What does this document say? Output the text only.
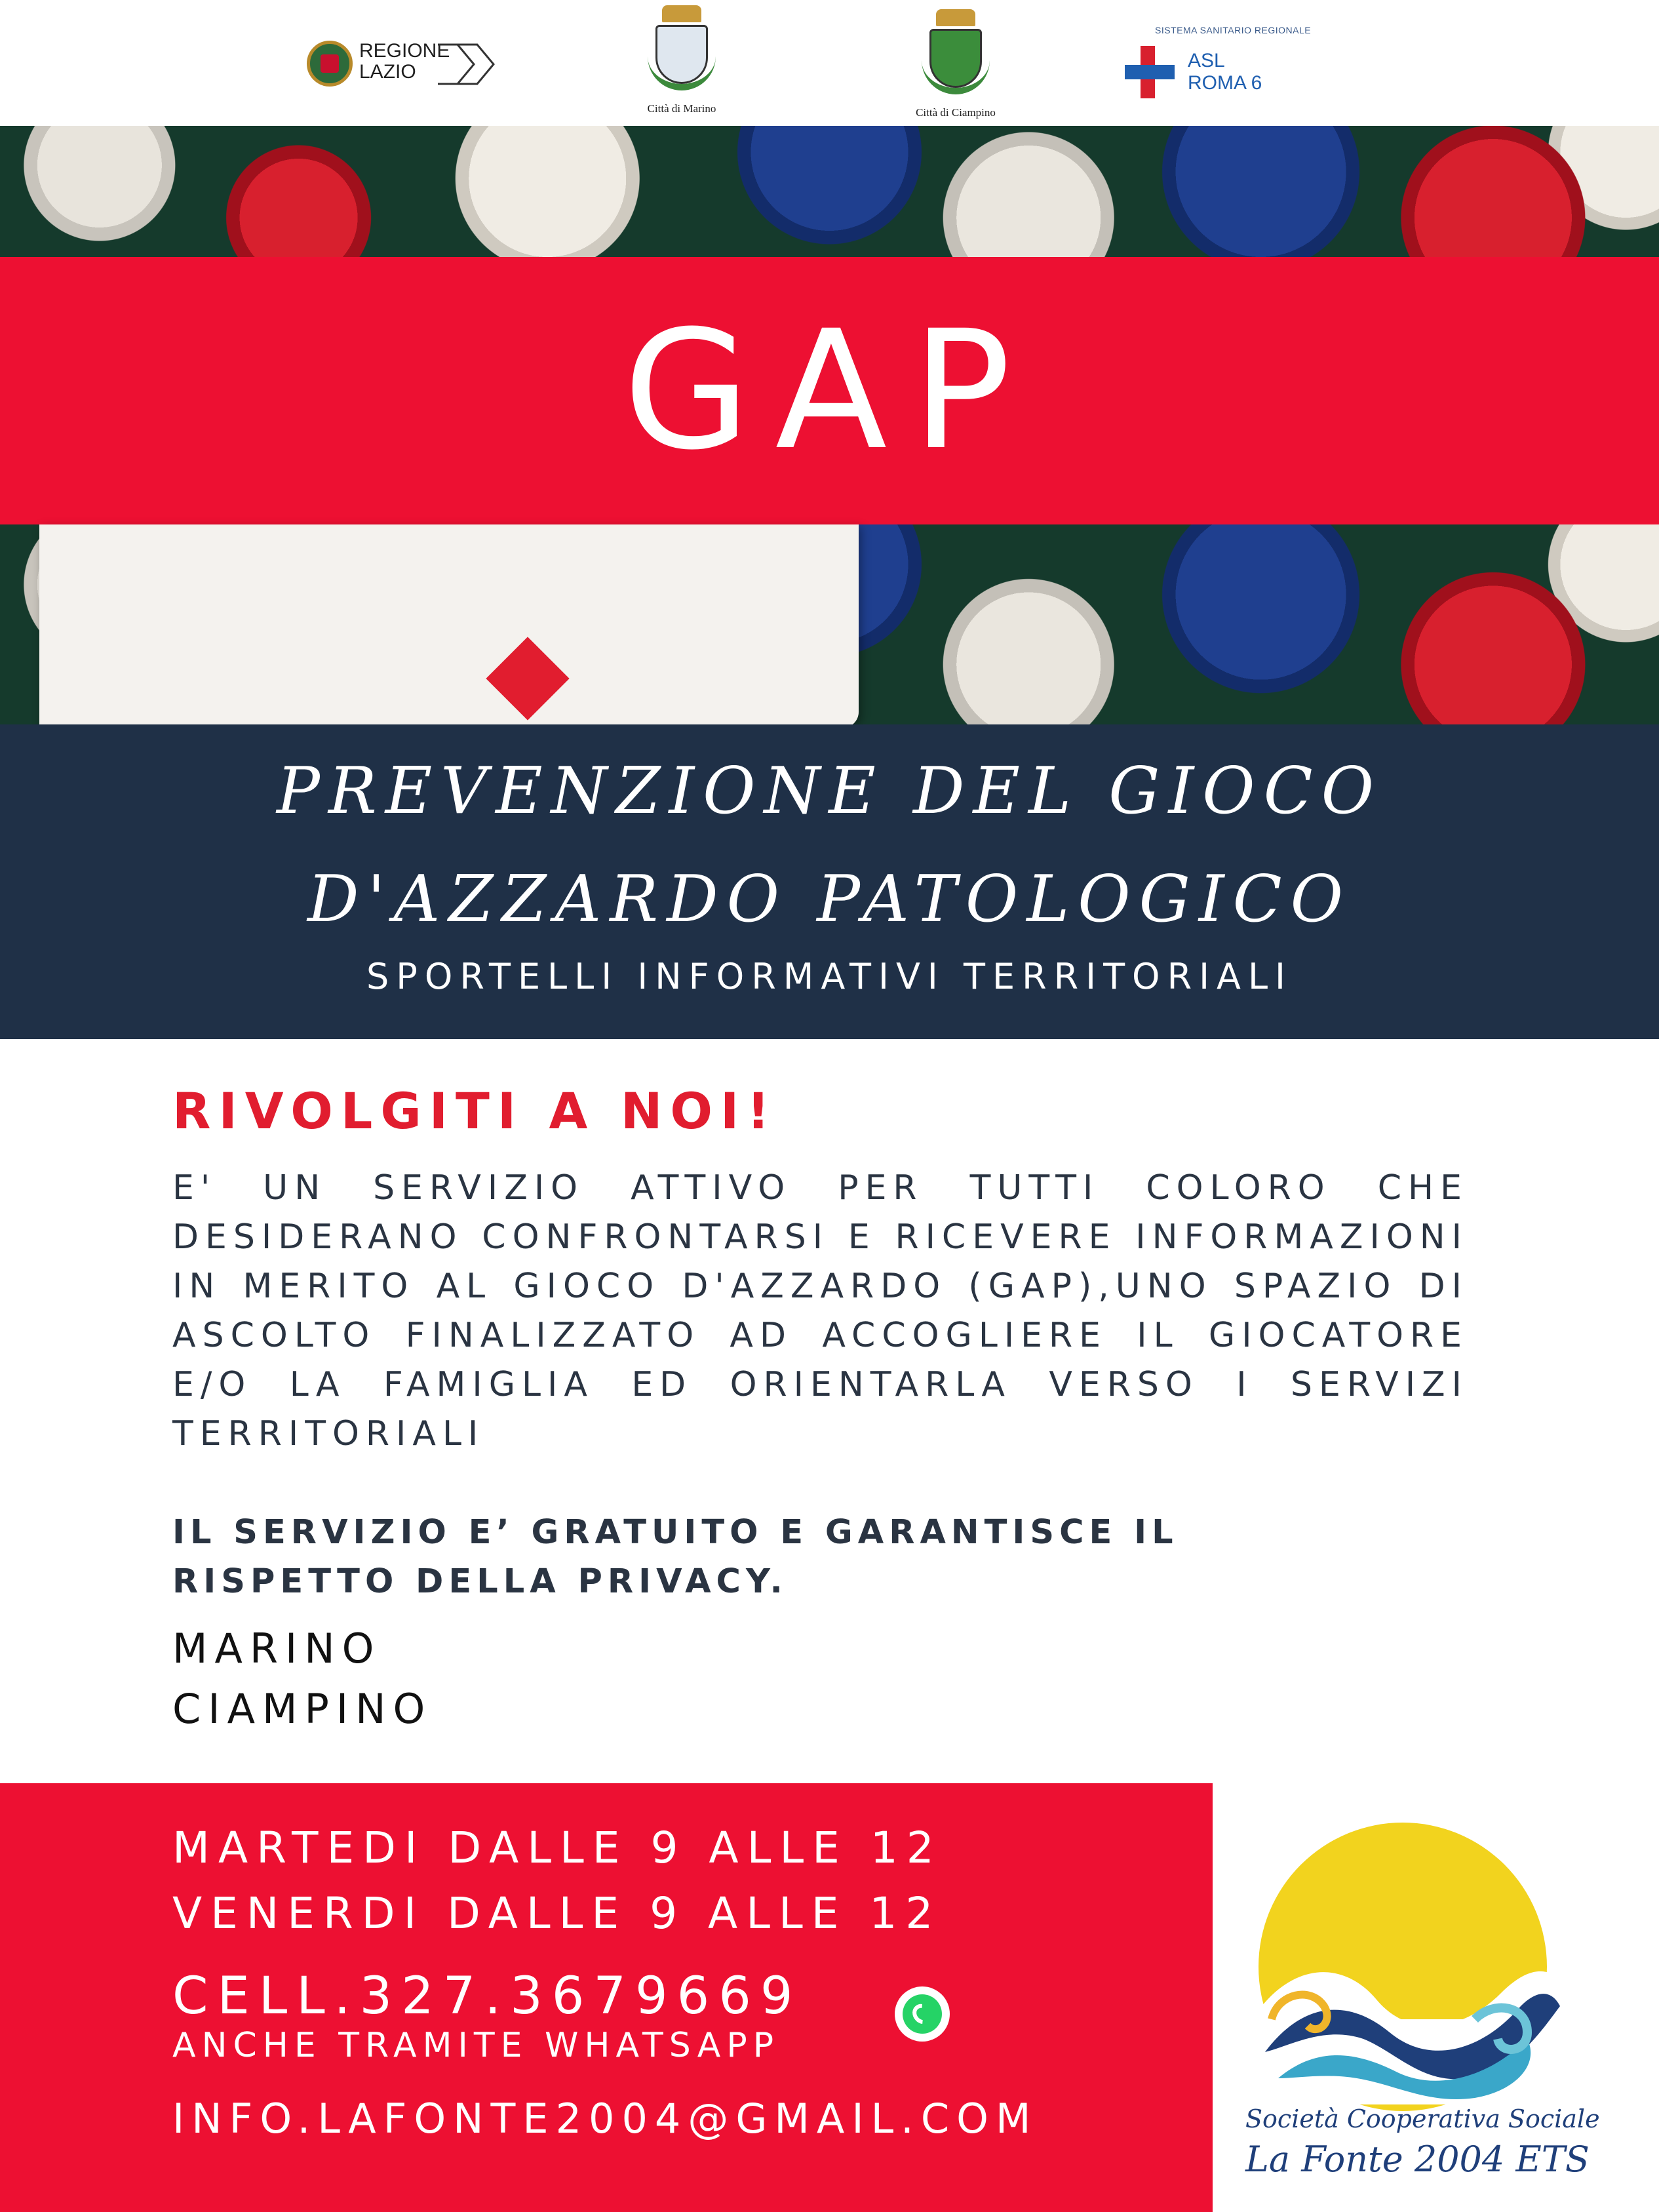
REGIONE
LAZIO
Città di Marino	Città di Ciampino
SISTEMA SANITARIO REGIONALE
ASL
ROMA 6
GAP
PREVENZIONE DEL GIOCO
D'AZZARDO PATOLOGICO
SPORTELLI INFORMATIVI TERRITORIALI
RIVOLGITI A NOI!
E' UN SERVIZIO ATTIVO PER TUTTI COLORO CHE DESIDERANO CONFRONTARSI E RICEVERE INFORMAZIONI IN MERITO AL GIOCO D'AZZARDO (GAP),UNO SPAZIO DI ASCOLTO FINALIZZATO AD ACCOGLIERE IL GIOCATORE E/O LA FAMIGLIA ED ORIENTARLA VERSO I SERVIZI TERRITORIALI
IL SERVIZIO E’ GRATUITO E GARANTISCE IL RISPETTO DELLA PRIVACY.
MARINO
CIAMPINO
MARTEDI DALLE 9 ALLE 12
VENERDI DALLE 9 ALLE 12
CELL.327.3679669
ANCHE TRAMITE WHATSAPP
INFO.LAFONTE2004@GMAIL.COM	Società Cooperativa Sociale
La Fonte 2004 ETS
